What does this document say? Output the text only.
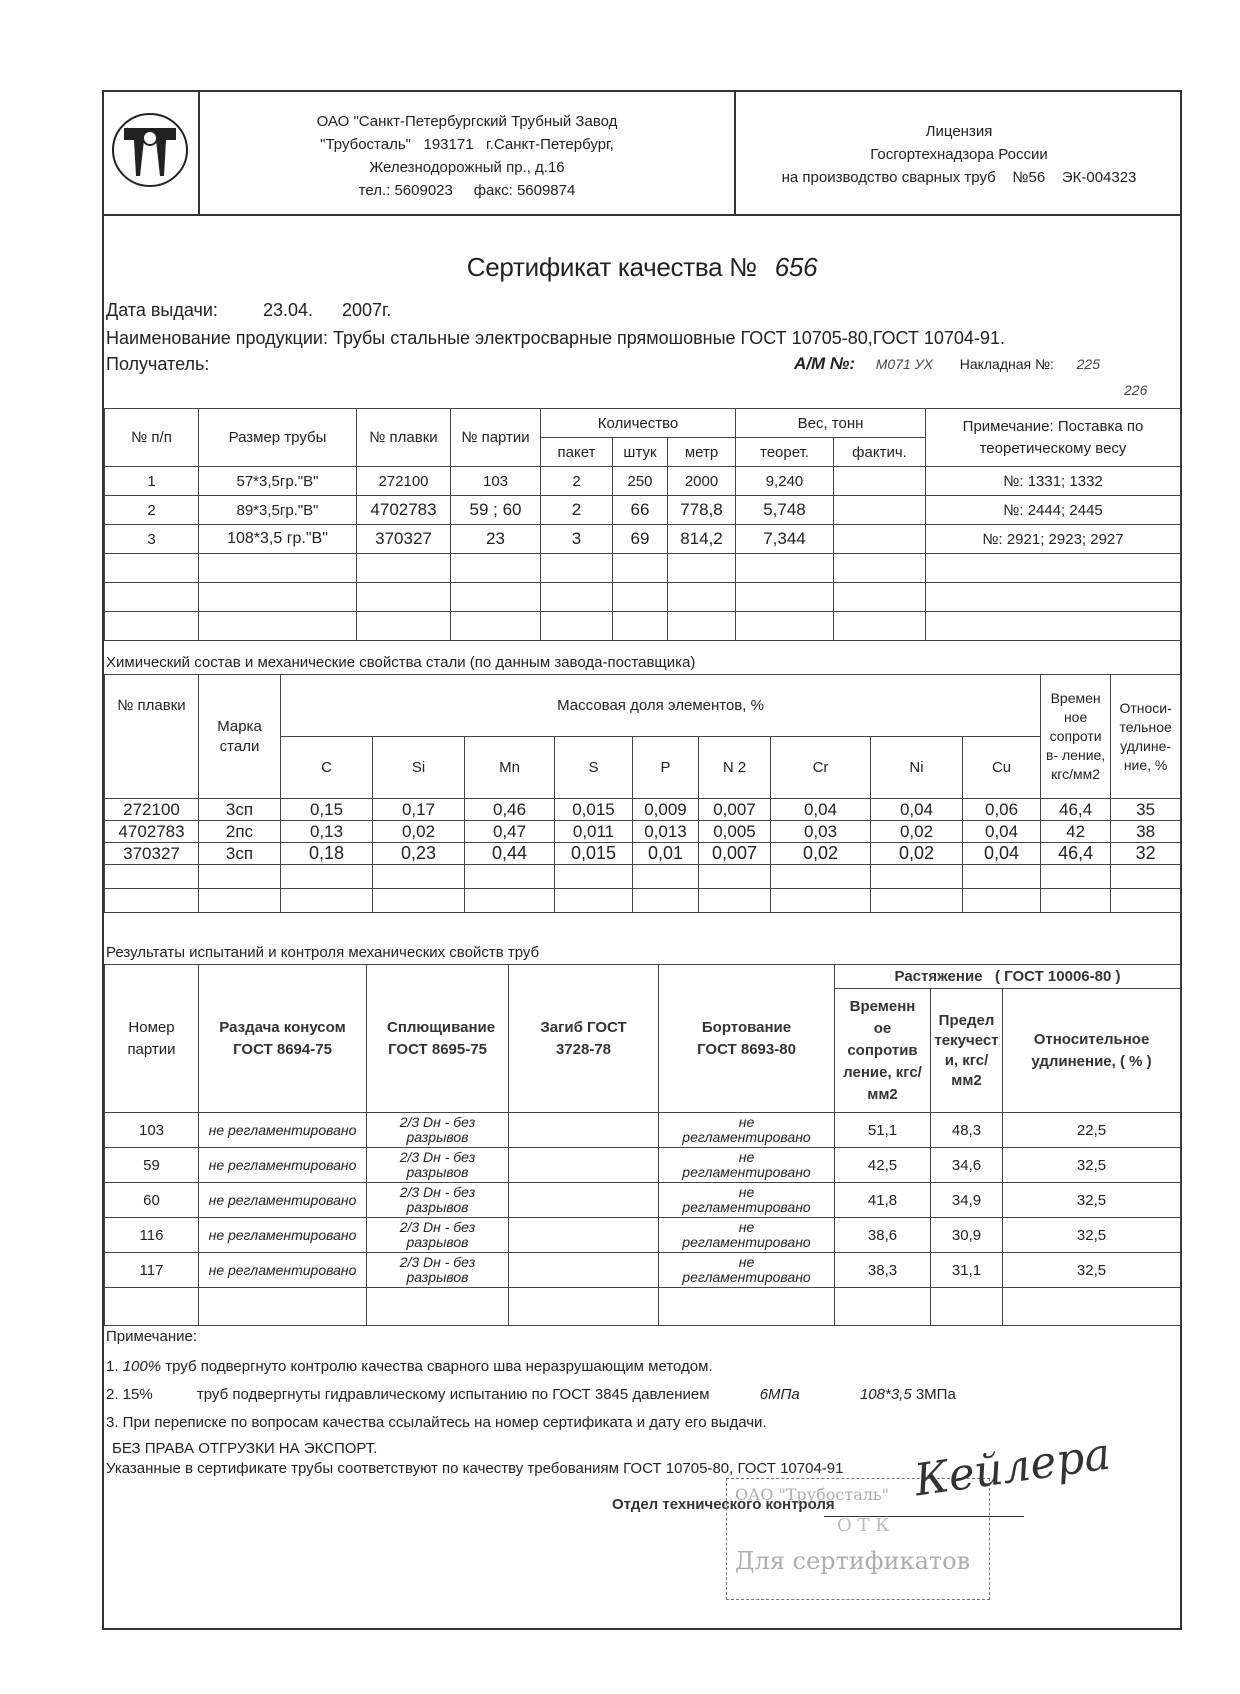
ОАО "Санкт-Петербургский Трубный Завод
"Трубосталь"   193171   г.Санкт-Петербург,
Железнодорожный пр., д.16
тел.: 5609023     факс: 5609874
Лицензия
Госгортехнадзора России
на производство сварных труб    №56    ЭК-004323
Сертификат качества № 656
Дата выдачи:	23.04. 2007г.
Наименование продукции: Трубы стальные электросварные прямошовные ГОСТ 10705-80,ГОСТ 10704-91.
Получатель:	А/М №: М071 УХ Накладная №: 225
226
№ п/п	Размер трубы	№ плавки	№ партии	Количество			Вес, тонн		Примечание: Поставка по теоретическому весу
				пакет	штук	метр	теорет.	фактич.	
1	57*3,5гр."В"	272100	103	2	250	2000	9,240		№: 1331; 1332
2	89*3,5гр."В"	4702783	59 ; 60	2	66	778,8	5,748		№: 2444; 2445
3	108*3,5 гр."В"	370327	23	3	69	814,2	7,344		№: 2921; 2923; 2927

Химический состав и механические свойства стали (по данным завода-поставщика)
№ плавки	Марка стали	Массовая доля элементов, %									Времен ное сопроти в- ление, кгс/мм2	Относи- тельное удлине- ние, %
		C	Si	Mn	S	P	N 2	Cr	Ni	Cu		
272100	3сп	0,15	0,17	0,46	0,015	0,009	0,007	0,04	0,04	0,06	46,4	35
4702783	2пс	0,13	0,02	0,47	0,011	0,013	0,005	0,03	0,02	0,04	42	38
370327	3сп	0,18	0,23	0,44	0,015	0,01	0,007	0,02	0,02	0,04	46,4	32

Результаты испытаний и контроля механических свойств труб
Номер партии	Раздача конусом ГОСТ 8694-75	Сплющивание ГОСТ 8695-75	Загиб ГОСТ 3728-78	Бортование ГОСТ 8693-80	Растяжение   ( ГОСТ 10006-80 )		
					Временн ое сопротив ление, кгс/мм2	Предел текучест и, кгс/мм2	Относительное удлинение, ( % )
103	не регламентировано	2/3 Dн - без разрывов		не регламентировано	51,1	48,3	22,5
59	не регламентировано	2/3 Dн - без разрывов		не регламентировано	42,5	34,6	32,5
60	не регламентировано	2/3 Dн - без разрывов		не регламентировано	41,8	34,9	32,5
116	не регламентировано	2/3 Dн - без разрывов		не регламентировано	38,6	30,9	32,5
117	не регламентировано	2/3 Dн - без разрывов		не регламентировано	38,3	31,1	32,5

Примечание:
1. 100% труб подвергнуто контролю качества сварного шва неразрушающим методом.
2. 15%	труб подвергнуты гидравлическому испытанию по ГОСТ 3845 давлением	6МПа	108*3,5 3МПа
3. При переписке по вопросам качества ссылайтесь на номер сертификата и дату его выдачи.
БЕЗ ПРАВА ОТГРУЗКИ НА ЭКСПОРТ.
Указанные в сертификате трубы соответствуют по качеству требованиям ГОСТ 10705-80, ГОСТ 10704-91
Отдел технического контроля
ОАО "Трубосталь"
О Т К
Для сертификатов
Кейлера
